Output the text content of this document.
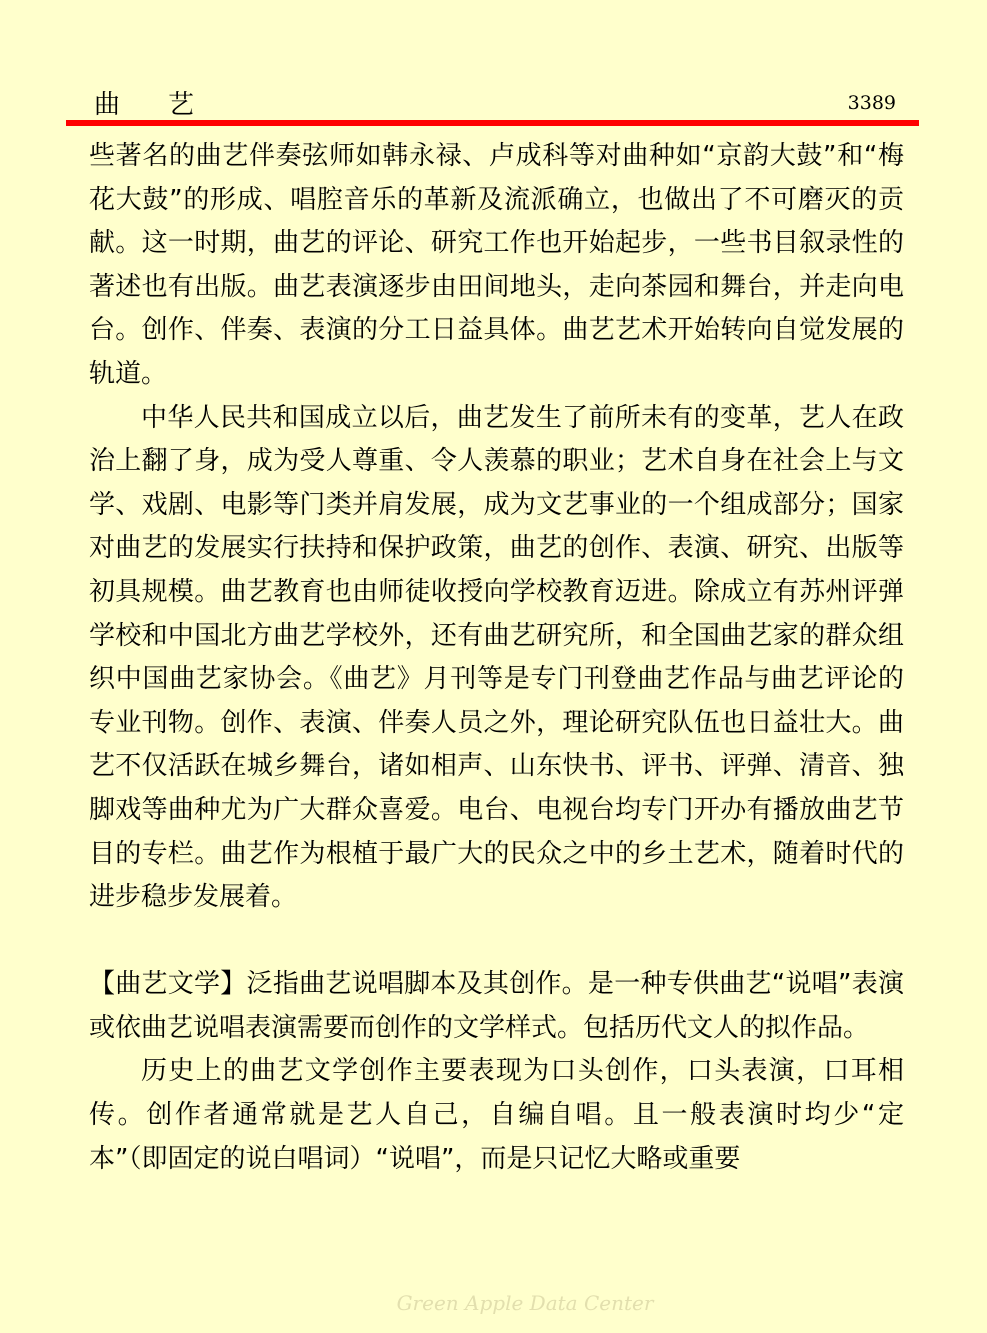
曲艺	3389

些著名的曲艺伴奏弦师如韩永禄、卢成科等对曲种如“京韵大鼓”和“梅花大鼓”的形成、唱腔音乐的革新及流派确立，也做出了不可磨灭的贡献。这一时期，曲艺的评论、研究工作也开始起步，一些书目叙录性的著述也有出版。曲艺表演逐步由田间地头，走向茶园和舞台，并走向电台。创作、伴奏、表演的分工日益具体。曲艺艺术开始转向自觉发展的轨道。

中华人民共和国成立以后，曲艺发生了前所未有的变革，艺人在政治上翻了身，成为受人尊重、令人羡慕的职业；艺术自身在社会上与文学、戏剧、电影等门类并肩发展，成为文艺事业的一个组成部分；国家对曲艺的发展实行扶持和保护政策，曲艺的创作、表演、研究、出版等初具规模。曲艺教育也由师徒收授向学校教育迈进。除成立有苏州评弹学校和中国北方曲艺学校外，还有曲艺研究所，和全国曲艺家的群众组织中国曲艺家协会。《曲艺》月刊等是专门刊登曲艺作品与曲艺评论的专业刊物。创作、表演、伴奏人员之外，理论研究队伍也日益壮大。曲艺不仅活跃在城乡舞台，诸如相声、山东快书、评书、评弹、清音、独脚戏等曲种尤为广大群众喜爱。电台、电视台均专门开办有播放曲艺节目的专栏。曲艺作为根植于最广大的民众之中的乡土艺术，随着时代的进步稳步发展着。

【曲艺文学】泛指曲艺说唱脚本及其创作。是一种专供曲艺“说唱”表演或依曲艺说唱表演需要而创作的文学样式。包括历代文人的拟作品。

历史上的曲艺文学创作主要表现为口头创作，口头表演，口耳相传。创作者通常就是艺人自己，自编自唱。且一般表演时均少“定本”（即固定的说白唱词）“说唱”，而是只记忆大略或重要

Green Apple Data Center
